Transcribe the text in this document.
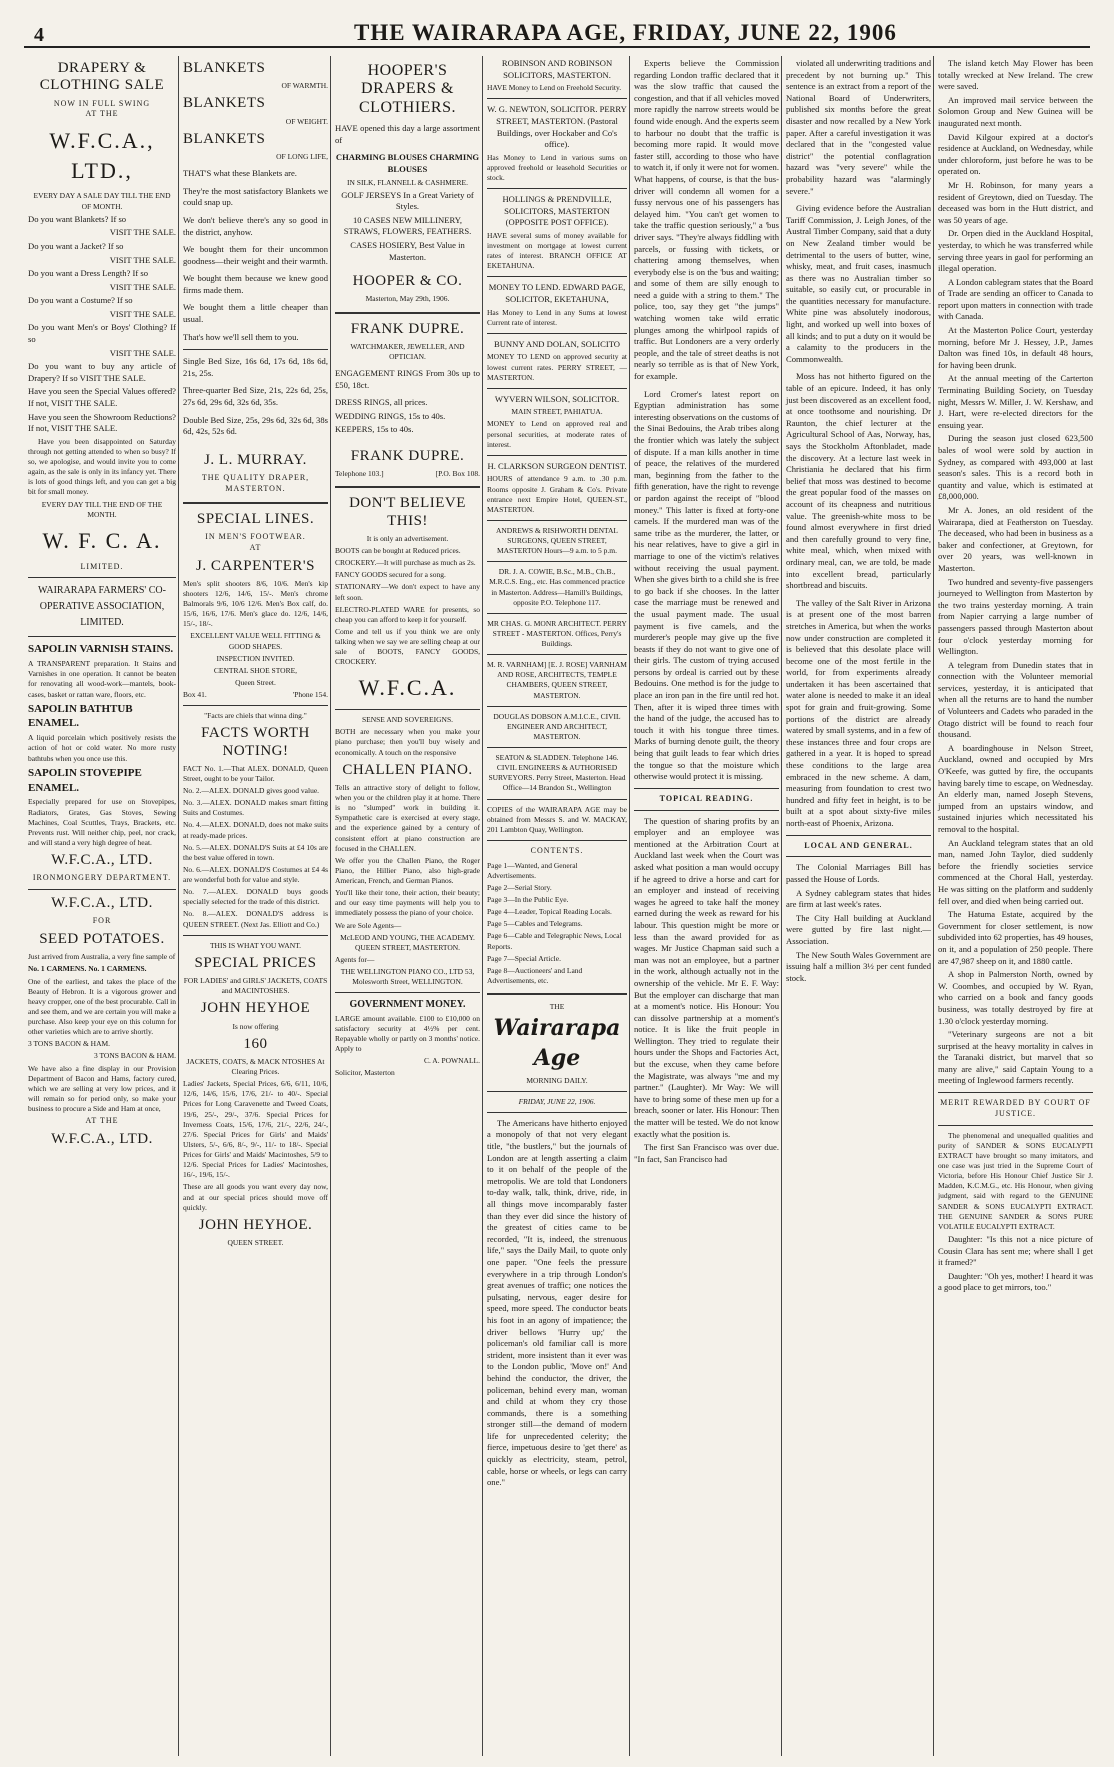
4	THE WAIRARAPA AGE, FRIDAY, JUNE 22, 1906
DRAPERY & CLOTHING SALE
NOW IN FULL SWING
AT THE
W.F.C.A., LTD.,
EVERY DAY A SALE DAY TILL THE END OF MONTH.

Do you want Blankets? If so

VISIT THE SALE.

Do you want a Jacket? If so

VISIT THE SALE.

Do you want a Dress Length? If so

VISIT THE SALE.

Do you want a Costume? If so

VISIT THE SALE.

Do you want Men's or Boys' Clothing? If so

VISIT THE SALE.

Do you want to buy any article of Drapery? If so VISIT THE SALE.

Have you seen the Special Values offered? If not, VISIT THE SALE.

Have you seen the Showroom Reductions? If not, VISIT THE SALE.

Have you been disappointed on Saturday through not getting attended to when so busy? If so, we apologise, and would invite you to come again, as the sale is only in its infancy yet. There is lots of good things left, and you can get a big bit for small money.

EVERY DAY TILL THE END OF THE MONTH.
W. F. C. A.
LIMITED.
WAIRARAPA FARMERS' CO-OPERATIVE ASSOCIATION, LIMITED.
SAPOLIN VARNISH STAINS.

A TRANSPARENT preparation. It Stains and Varnishes in one operation. It cannot be beaten for renovating all wood-work—mantels, book-cases, basket or rattan ware, floors, etc.

SAPOLIN BATHTUB ENAMEL.

A liquid porcelain which positively resists the action of hot or cold water. No more rusty bathtubs when you once use this.

SAPOLIN STOVEPIPE ENAMEL.

Especially prepared for use on Stovepipes, Radiators, Grates, Gas Stoves, Sewing Machines, Coal Scuttles, Trays, Brackets, etc. Prevents rust. Will neither chip, peel, nor crack, and will stand a very high degree of heat.

W.F.C.A., LTD.
IRONMONGERY DEPARTMENT.
W.F.C.A., LTD.
FOR
SEED POTATOES.

Just arrived from Australia, a very fine sample of

No. 1 CARMENS. No. 1 CARMENS.

One of the earliest, and takes the place of the Beauty of Hebron. It is a vigorous grower and heavy cropper, one of the best procurable. Call in and see them, and we are certain you will make a purchase. Also keep your eye on this column for other varieties which are to arrive shortly.

3 TONS BACON & HAM.

3 TONS BACON & HAM.

We have also a fine display in our Provision Department of Bacon and Hams, factory cured, which we are selling at very low prices, and it will remain so for period only, so make your business to procure a Side and Ham at once,

AT THE
W.F.C.A., LTD.
BLANKETS
OF WARMTH.
BLANKETS
OF WEIGHT.
BLANKETS
OF LONG LIFE,

THAT'S what these Blankets are.

They're the most satisfactory Blankets we could snap up.

We don't believe there's any so good in the district, anyhow.

We bought them for their uncommon goodness—their weight and their warmth.

We bought them because we knew good firms made them.

We bought them a little cheaper than usual.

That's how we'll sell them to you.

Single Bed Size, 16s 6d, 17s 6d, 18s 6d, 21s, 25s.

Three-quarter Bed Size, 21s, 22s 6d, 25s, 27s 6d, 29s 6d, 32s 6d, 35s.

Double Bed Size, 25s, 29s 6d, 32s 6d, 38s 6d, 42s, 52s 6d.

J. L. MURRAY.
THE QUALITY DRAPER, MASTERTON.
SPECIAL LINES.
IN MEN'S FOOTWEAR.
AT
J. CARPENTER'S

Men's split shooters 8/6, 10/6. Men's kip shooters 12/6, 14/6, 15/-. Men's chrome Balmorals 9/6, 10/6 12/6. Men's Box calf, do. 15/6, 16/6, 17/6. Men's glace do. 12/6, 14/6, 15/-, 18/-.

EXCELLENT VALUE WELL FITTING & GOOD SHAPES.

INSPECTION INVITED.

CENTRAL SHOE STORE,

Queen Street.

Box 41.	'Phone 154.

"Facts are chiels that winna ding."

FACTS WORTH NOTING!

FACT No. 1.—That ALEX. DONALD, Queen Street, ought to be your Tailor.

No. 2.—ALEX. DONALD gives good value.

No. 3.—ALEX. DONALD makes smart fitting Suits and Costumes.

No. 4.—ALEX. DONALD, does not make suits at ready-made prices.

No. 5.—ALEX. DONALD'S Suits at £4 10s are the best value offered in town.

No. 6.—ALEX. DONALD'S Costumes at £4 4s are wonderful both for value and style.

No. 7.—ALEX. DONALD buys goods specially selected for the trade of this district.

No. 8.—ALEX. DONALD'S address is QUEEN STREET. (Next Jas. Elliott and Co.)

THIS IS WHAT YOU WANT.

SPECIAL PRICES

FOR LADIES' and GIRLS' JACKETS, COATS and MACINTOSHES.

JOHN HEYHOE

Is now offering

160

JACKETS, COATS, & MACK NTOSHES At Clearing Prices.

Ladies' Jackets, Special Prices, 6/6, 6/11, 10/6, 12/6, 14/6, 15/6, 17/6, 21/- to 40/-. Special Prices for Long Caravenette and Tweed Coats, 19/6, 25/-, 29/-, 37/6. Special Prices for Inverness Coats, 15/6, 17/6, 21/-, 22/6, 24/-, 27/6. Special Prices for Girls' and Maids' Ulsters, 5/-, 6/6, 8/-, 9/-, 11/- to 18/-. Special Prices for Girls' and Maids' Macintoshes, 5/9 to 12/6. Special Prices for Ladies' Macintoshes, 16/-, 19/6, 15/-.

These are all goods you want every day now, and at our special prices should move off quickly.

JOHN HEYHOE.

QUEEN STREET.

HOOPER'S DRAPERS & CLOTHIERS.

HAVE opened this day a large assortment of

CHARMING BLOUSES CHARMING BLOUSES

IN SILK, FLANNELL & CASHMERE.

GOLF JERSEYS In a Great Variety of Styles.

10 CASES NEW MILLINERY, STRAWS, FLOWERS, FEATHERS.

CASES HOSIERY, Best Value in Masterton.

HOOPER & CO.

Masterton, May 29th, 1906.

FRANK DUPRE.

WATCHMAKER, JEWELLER, AND OPTICIAN.

ENGAGEMENT RINGS From 30s up to £50, 18ct.

DRESS RINGS, all prices.

WEDDING RINGS, 15s to 40s.

KEEPERS, 15s to 40s.

FRANK DUPRE.
Telephone 103.]	[P.O. Box 108.
DON'T BELIEVE THIS!

It is only an advertisement.

BOOTS can be bought at Reduced prices.

CROCKERY.—It will purchase as much as 2s.

FANCY GOODS secured for a song.

STATIONARY—We don't expect to have any left soon.

ELECTRO-PLATED WARE for presents, so cheap you can afford to keep it for yourself.

Come and tell us if you think we are only talking when we say we are selling cheap at our sale of BOOTS, FANCY GOODS, CROCKERY.

W.F.C.A.

SENSE AND SOVEREIGNS.

BOTH are necessary when you make your piano purchase; then you'll buy wisely and economically. A touch on the responsive

CHALLEN PIANO.

Tells an attractive story of delight to follow, when you or the children play it at home. There is no "slumped" work in building it. Sympathetic care is exercised at every stage, and the experience gained by a century of consistent effort at piano construction are focused in the CHALLEN.

We offer you the Challen Piano, the Roger Piano, the Hillier Piano, also high-grade American, French, and German Pianos.

You'll like their tone, their action, their beauty; and our easy time payments will help you to immediately possess the piano of your choice.

We are Sole Agents—

McLEOD AND YOUNG, THE ACADEMY. QUEEN STREET, MASTERTON.

Agents for—

THE WELLINGTON PIANO CO., LTD 53, Molesworth Street, WELLINGTON.

GOVERNMENT MONEY.

LARGE amount available. £100 to £10,000 on satisfactory security at 4½% per cent. Repayable wholly or partly on 3 months' notice. Apply to

C. A. POWNALL.

Solicitor, Masterton

ROBINSON AND ROBINSON SOLICITORS, MASTERTON.

HAVE Money to Lend on Freehold Security.

W. G. NEWTON, SOLICITOR. PERRY STREET, MASTERTON. (Pastoral Buildings, over Hockaber and Co's office).

Has Money to Lend in various sums on approved freehold or leasehold Securities or stock.

HOLLINGS & PRENDVILLE, SOLICITORS, MASTERTON (OPPOSITE POST OFFICE).

HAVE several sums of money available for investment on mortgage at lowest current rates of interest. BRANCH OFFICE AT EKETAHUNA.

MONEY TO LEND. EDWARD PAGE, SOLICITOR, EKETAHUNA,

Has Money to Lend in any Sums at lowest Current rate of interest.

BUNNY AND DOLAN, SOLICITO

MONEY TO LEND on approved security at lowest current rates. PERRY STREET, — MASTERTON.

WYVERN WILSON, SOLICITOR.

MAIN STREET, PAHIATUA.

MONEY to Lend on approved real and personal securities, at moderate rates of interest.

H. CLARKSON SURGEON DENTIST.

HOURS of attendance 9 a.m. to .30 p.m. Rooms opposite J. Graham & Co's. Private entrance next Empire Hotel, QUEEN-ST., MASTERTON.

ANDREWS & RISHWORTH DENTAL SURGEONS, QUEEN STREET, MASTERTON Hours—9 a.m. to 5 p.m.

DR. J. A. COWIE, B.Sc., M.B., Ch.B., M.R.C.S. Eng., etc. Has commenced practice in Masterton. Address—Hamill's Buildings, opposite P.O. Telephone 117.

MR CHAS. G. MONR ARCHITECT. PERRY STREET - MASTERTON. Offices, Perry's Buildings.

M. R. VARNHAM] [E. J. ROSE] VARNHAM AND ROSE, ARCHITECTS, TEMPLE CHAMBERS, QUEEN STREET, MASTERTON.

DOUGLAS DOBSON A.M.I.C.E., CIVIL ENGINEER AND ARCHITECT, MASTERTON.

SEATON & SLADDEN. Telephone 146. CIVIL ENGINEERS & AUTHORISED SURVEYORS. Perry Street, Masterton. Head Office—14 Brandon St., Wellington

COPIES of the WAIRARAPA AGE may be obtained from Messrs S. and W. MACKAY, 201 Lambton Quay, Wellington.

CONTENTS.
Page 1—Wanted, and General Advertisements.
Page 2—Serial Story.
Page 3—In the Public Eye.
Page 4—Leader, Topical Reading Locals.
Page 5—Cables and Telegrams.
Page 6—Cable and Telegraphic News, Local Reports.
Page 7—Special Article.
Page 8—Auctioneers' and Land Advertisements, etc.
THE
Wairarapa Age
MORNING DAILY.
FRIDAY, JUNE 22, 1906.

The Americans have hitherto enjoyed a monopoly of that not very elegant title, "the bustlers," but the journals of London are at length asserting a claim to it on behalf of the people of the metropolis. We are told that Londoners to-day walk, talk, think, drive, ride, in all things move incomparably faster than they ever did since the history of the greatest of cities came to be recorded, "It is, indeed, the strenuous life," says the Daily Mail, to quote only one paper. "One feels the pressure everywhere in a trip through London's great avenues of traffic; one notices the pulsating, nervous, eager desire for speed, more speed. The conductor beats his foot in an agony of impatience; the driver bellows 'Hurry up;' the policeman's old familiar call is more strident, more insistent than it ever was to the London public, 'Move on!' And behind the conductor, the driver, the policeman, behind every man, woman and child at whom they cry those commands, there is a something stronger still—the demand of modern life for unprecedented celerity; the fierce, impetuous desire to 'get there' as quickly as electricity, steam, petrol, cable, horse or wheels, or legs can carry one."

Experts believe the Commission regarding London traffic declared that it was the slow traffic that caused the congestion, and that if all vehicles moved more rapidly the narrow streets would be found wide enough. And the experts seem to harbour no doubt that the traffic is becoming more rapid. It would move faster still, according to those who have to watch it, if only it were not for women. What happens, of course, is that the bus-driver will condemn all women for a fussy nervous one of his passengers has delayed him. "You can't get women to take the traffic question seriously," a 'bus driver says. "They're always fiddling with parcels, or fussing with tickets, or chattering among themselves, when everybody else is on the 'bus and waiting; and some of them are silly enough to need a guide with a string to them." The police, too, say they get "the jumps" watching women take wild erratic plunges among the whirlpool rapids of traffic. But Londoners are a very orderly people, and the tale of street deaths is not nearly so terrible as is that of New York, for example.

Lord Cromer's latest report on Egyptian administration has some interesting observations on the customs of the Sinai Bedouins, the Arab tribes along the frontier which was lately the subject of dispute. If a man kills another in time of peace, the relatives of the murdered man, beginning from the father to the fifth generation, have the right to revenge or pardon against the receipt of "blood money." This latter is fixed at forty-one camels. If the murdered man was of the same tribe as the murderer, the latter, or his near relatives, have to give a girl in marriage to one of the victim's relatives without receiving the usual payment. When she gives birth to a child she is free to go back if she chooses. In the latter case the marriage must be renewed and the usual payment made. The usual payment is five camels, and the murderer's people may give up the five beasts if they do not want to give one of their girls. The custom of trying accused persons by ordeal is carried out by these Bedouins. One method is for the judge to place an iron pan in the fire until red hot. Then, after it is wiped three times with the hand of the judge, the accused has to touch it with his tongue three times. Marks of burning denote guilt, the theory being that guilt leads to fear which dries the tongue so that the moisture which otherwise would protect it is missing.

TOPICAL READING.

The question of sharing profits by an employer and an employee was mentioned at the Arbitration Court at Auckland last week when the Court was asked what position a man would occupy if he agreed to drive a horse and cart for an employer and instead of receiving wages he agreed to take half the money earned during the week as reward for his labour. This question might be more or less than the award provided for as wages. Mr Justice Chapman said such a man was not an employee, but a partner in the work, although actually not in the ownership of the vehicle. Mr E. F. Way: But the employer can discharge that man at a moment's notice. His Honour: You can dissolve partnership at a moment's notice. It is like the fruit people in Wellington. They tried to regulate their hours under the Shops and Factories Act, but the excuse, when they came before the Magistrate, was always "me and my partner." (Laughter). Mr Way: We will have to bring some of these men up for a breach, sooner or later. His Honour: Then the matter will be tested. We do not know exactly what the position is.

The first San Francisco was over due. "In fact, San Francisco had

violated all underwriting traditions and precedent by not burning up." This sentence is an extract from a report of the National Board of Underwriters, published six months before the great disaster and now recalled by a New York paper. After a careful investigation it was declared that in the "congested value district" the potential conflagration hazard was "very severe" while the probability hazard was "alarmingly severe."

Giving evidence before the Australian Tariff Commission, J. Leigh Jones, of the Austral Timber Company, said that a duty on New Zealand timber would be detrimental to the users of butter, wine, whisky, meat, and fruit cases, inasmuch as there was no Australian timber so suitable, so easily cut, or procurable in the quantities necessary for manufacture. White pine was absolutely inodorous, light, and worked up well into boxes of all kinds; and to put a duty on it would be a calamity to the producers in the Commonwealth.

Moss has not hitherto figured on the table of an epicure. Indeed, it has only just been discovered as an excellent food, at once toothsome and nourishing. Dr Raunton, the chief lecturer at the Agricultural School of Aas, Norway, has, says the Stockholm Aftonbladet, made the discovery. At a lecture last week in Christiania he declared that his firm belief that moss was destined to become the great popular food of the masses on account of its cheapness and nutritious value. The greenish-white moss to be found almost everywhere in first dried and then carefully ground to very fine, white meal, which, when mixed with ordinary meal, can, we are told, be made into excellent bread, particularly shortbread and biscuits.

The valley of the Salt River in Arizona is at present one of the most barren stretches in America, but when the works now under construction are completed it is believed that this desolate place will become one of the most fertile in the world, for from experiments already undertaken it has been ascertained that water alone is needed to make it an ideal spot for grain and fruit-growing. Some portions of the district are already watered by small systems, and in a few of these instances three and four crops are gathered in a year. It is hoped to spread these conditions to the large area embraced in the new scheme. A dam, measuring from foundation to crest two hundred and fifty feet in height, is to be built at a spot about sixty-five miles north-east of Phoenix, Arizona.

LOCAL AND GENERAL.

The Colonial Marriages Bill has passed the House of Lords.

A Sydney cablegram states that hides are firm at last week's rates.

The City Hall building at Auckland were gutted by fire last night.—Association.

The New South Wales Government are issuing half a million 3½ per cent funded stock.

The island ketch May Flower has been totally wrecked at New Ireland. The crew were saved.

An improved mail service between the Solomon Group and New Guinea will be inaugurated next month.

David Kilgour expired at a doctor's residence at Auckland, on Wednesday, while under chloroform, just before he was to be operated on.

Mr H. Robinson, for many years a resident of Greytown, died on Tuesday. The deceased was born in the Hutt district, and was 50 years of age.

Dr. Orpen died in the Auckland Hospital, yesterday, to which he was transferred while serving three years in gaol for performing an illegal operation.

A London cablegram states that the Board of Trade are sending an officer to Canada to report upon matters in connection with trade with Canada.

At the Masterton Police Court, yesterday morning, before Mr J. Hessey, J.P., James Dalton was fined 10s, in default 48 hours, for having been drunk.

At the annual meeting of the Carterton Terminating Building Society, on Tuesday night, Messrs W. Miller, J. W. Kershaw, and J. Hart, were re-elected directors for the ensuing year.

During the season just closed 623,500 bales of wool were sold by auction in Sydney, as compared with 493,000 at last season's sales. This is a record both in quantity and value, which is estimated at £8,000,000.

Mr A. Jones, an old resident of the Wairarapa, died at Featherston on Tuesday. The deceased, who had been in business as a baker and confectioner, at Greytown, for over 20 years, was well-known in Masterton.

Two hundred and seventy-five passengers journeyed to Wellington from Masterton by the two trains yesterday morning. A train from Napier carrying a large number of passengers passed through Masterton about four o'clock yesterday morning for Wellington.

A telegram from Dunedin states that in connection with the Volunteer memorial services, yesterday, it is anticipated that when all the returns are to hand the number of Volunteers and Cadets who paraded in the Otago district will be found to reach four thousand.

A boardinghouse in Nelson Street, Auckland, owned and occupied by Mrs O'Keefe, was gutted by fire, the occupants having barely time to escape, on Wednesday. An elderly man, named Joseph Stevens, jumped from an upstairs window, and sustained injuries which necessitated his removal to the hospital.

An Auckland telegram states that an old man, named John Taylor, died suddenly before the friendly societies service commenced at the Choral Hall, yesterday. He was sitting on the platform and suddenly fell over, and died when being carried out.

The Hatuma Estate, acquired by the Government for closer settlement, is now subdivided into 62 properties, has 49 houses, on it, and a population of 250 people. There are 47,987 sheep on it, and 1880 cattle.

A shop in Palmerston North, owned by W. Coombes, and occupied by W. Ryan, who carried on a book and fancy goods business, was totally destroyed by fire at 1.30 o'clock yesterday morning.

"Veterinary surgeons are not a bit surprised at the heavy mortality in calves in the Taranaki district, but marvel that so many are alive," said Captain Young to a meeting of Inglewood farmers recently.

MERIT REWARDED BY COURT OF JUSTICE.

The phenomenal and unequalled qualities and purity of SANDER & SONS EUCALYPTI EXTRACT have brought so many imitators, and one case was just tried in the Supreme Court of Victoria, before His Honour Chief Justice Sir J. Madden, K.C.M.G., etc. His Honour, when giving judgment, said with regard to the GENUINE SANDER & SONS EUCALYPTI EXTRACT. THE GENUINE SANDER & SONS PURE VOLATILE EUCALYPTI EXTRACT.

Daughter: "Is this not a nice picture of Cousin Clara has sent me; where shall I get it framed?"

Daughter: "Oh yes, mother! I heard it was a good place to get mirrors, too."
